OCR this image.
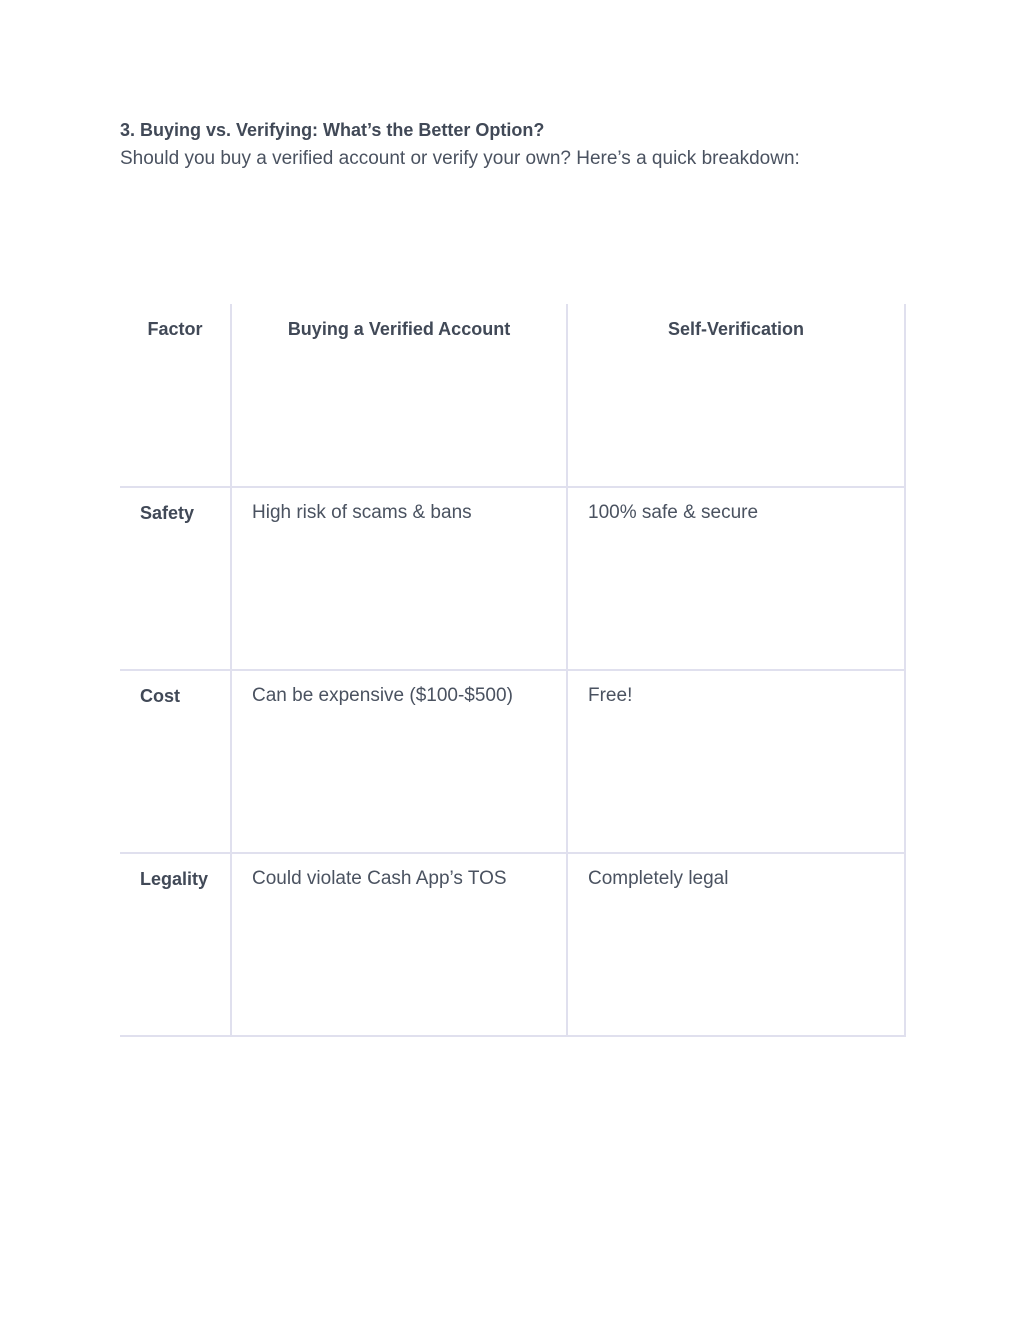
3. Buying vs. Verifying: What’s the Better Option?
Should you buy a verified account or verify your own? Here’s a quick breakdown:
Factor	Buying a Verified Account	Self-Verification
Safety	High risk of scams & bans	100% safe & secure
Cost	Can be expensive ($100-$500)	Free!
Legality	Could violate Cash App’s TOS	Completely legal
